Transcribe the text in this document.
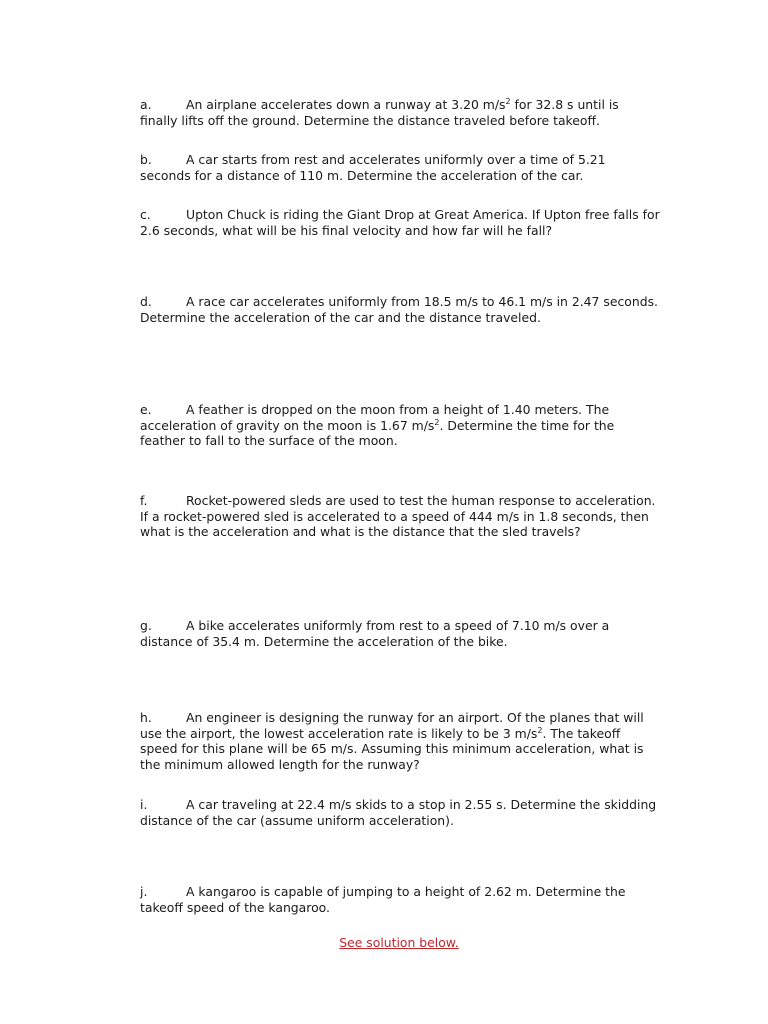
a.	An airplane accelerates down a runway at 3.20 $m/s^2$ for 32.8 s until is finally lifts off the ground. Determine the distance traveled before takeoff.

b.	A car starts from rest and accelerates uniformly over a time of 5.21 seconds for a distance of 110 m. Determine the acceleration of the car.

c.	Upton Chuck is riding the Giant Drop at Great America. If Upton free falls for 2.6 seconds, what will be his final velocity and how far will he fall?

d.	A race car accelerates uniformly from 18.5 m/s to 46.1 m/s in 2.47 seconds. Determine the acceleration of the car and the distance traveled.

e.	A feather is dropped on the moon from a height of 1.40 meters. The acceleration of gravity on the moon is 1.67 $m/s^2$. Determine the time for the feather to fall to the surface of the moon.

f.	Rocket-powered sleds are used to test the human response to acceleration. If a rocket-powered sled is accelerated to a speed of 444 m/s in 1.8 seconds, then what is the acceleration and what is the distance that the sled travels?

g.	A bike accelerates uniformly from rest to a speed of 7.10 m/s over a distance of 35.4 m. Determine the acceleration of the bike.

h.	An engineer is designing the runway for an airport. Of the planes that will use the airport, the lowest acceleration rate is likely to be 3 $m/s^2$. The takeoff speed for this plane will be 65 m/s. Assuming this minimum acceleration, what is the minimum allowed length for the runway?

i.	A car traveling at 22.4 m/s skids to a stop in 2.55 s. Determine the skidding distance of the car (assume uniform acceleration).

j.	A kangaroo is capable of jumping to a height of 2.62 m. Determine the takeoff speed of the kangaroo.

See solution below.
